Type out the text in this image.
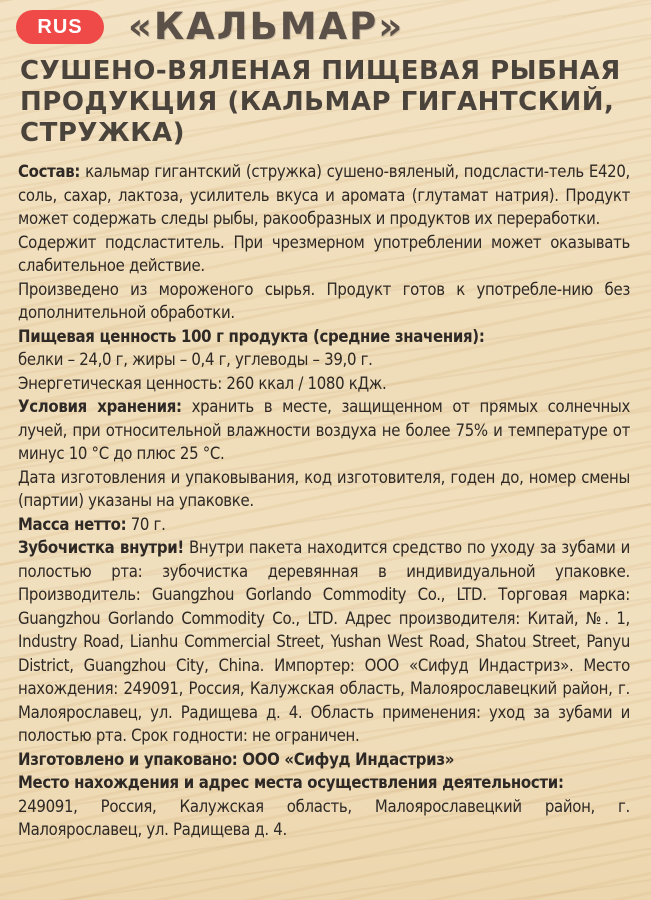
RUS	«КАЛЬМАР»
СУШЕНО-ВЯЛЕНАЯ ПИЩЕВАЯ РЫБНАЯ ПРОДУКЦИЯ (КАЛЬМАР ГИГАНТСКИЙ, СТРУЖКА)

Состав: кальмар гигантский (стружка) сушено-вяленый, подсласти-тель Е420, соль, сахар, лактоза, усилитель вкуса и аромата (глутамат натрия). Продукт может содержать следы рыбы, ракообразных и продуктов их переработки.

Содержит подсластитель. При чрезмерном употреблении может оказывать слабительное действие.

Произведено из мороженого сырья. Продукт готов к употребле-нию без дополнительной обработки.

Пищевая ценность 100 г продукта (средние значения):

белки – 24,0 г, жиры – 0,4 г, углеводы – 39,0 г.

Энергетическая ценность: 260 ккал / 1080 кДж.

Условия хранения: хранить в месте, защищенном от прямых солнечных лучей, при относительной влажности воздуха не более 75% и температуре от минус 10 °С до плюс 25 °С.

Дата изготовления и упаковывания, код изготовителя, годен до, номер смены (партии) указаны на упаковке.

Масса нетто: 70 г.

Зубочистка внутри! Внутри пакета находится средство по уходу за зубами и полостью рта: зубочистка деревянная в индивидуальной упаковке. Производитель: Guangzhou Gorlando Commodity Co., LTD. Торговая марка: Guangzhou Gorlando Commodity Co., LTD. Адрес производителя: Китай, №. 1, Industry Road, Lianhu Commercial Street, Yushan West Road, Shatou Street, Panyu District, Guangzhou City, China. Импортер: ООО «Сифуд Индастриз». Место нахождения: 249091, Россия, Калужская область, Малоярославецкий район, г. Малоярославец, ул. Радищева д. 4. Область применения: уход за зубами и полостью рта. Срок годности: не ограничен.

Изготовлено и упаковано: ООО «Сифуд Индастриз»

Место нахождения и адрес места осуществления деятельности:

249091, Россия, Калужская область, Малоярославецкий район, г. Малоярославец, ул. Радищева д. 4.
